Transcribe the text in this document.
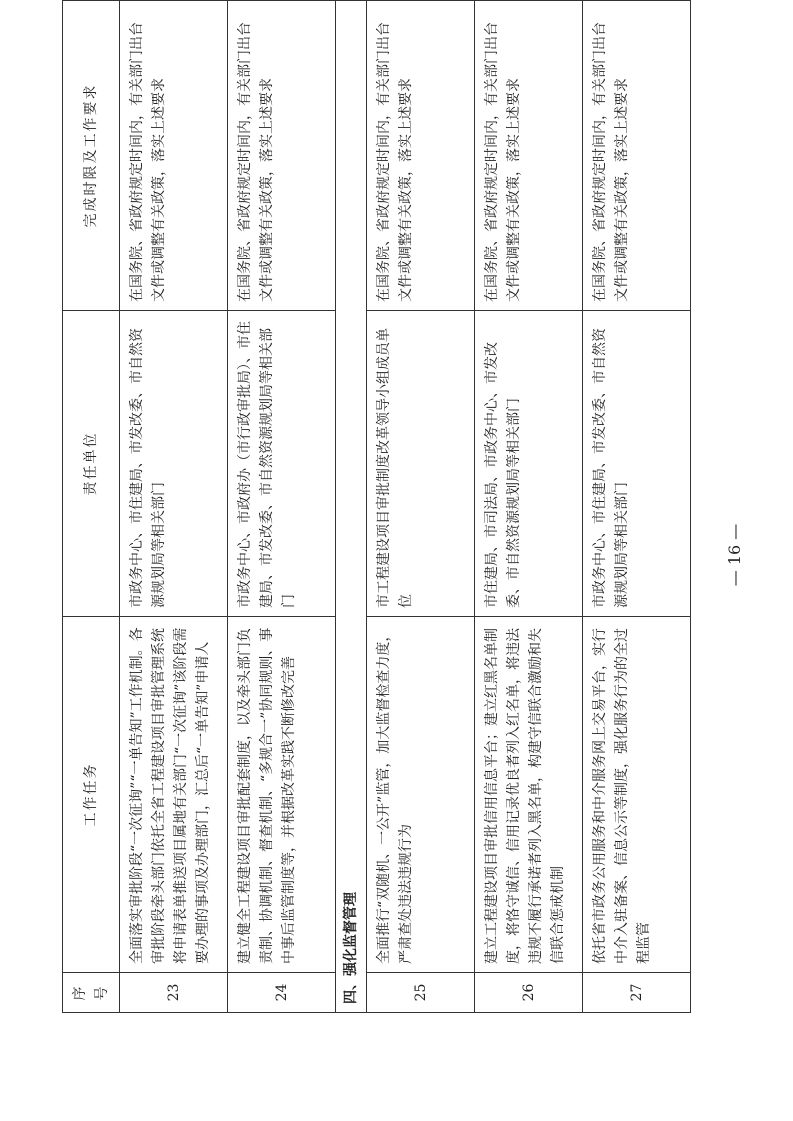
序号	工作任务	责任单位	完成时限及工作要求
23	全面落实审批阶段“一次征询”“一单告知”工作机制。各审批阶段牵头部门依托全省工程建设项目审批管理系统将申请表单推送项目属地有关部门“一次征询”该阶段需要办理的事项及办理部门，汇总后“一单告知”申请人	市政务中心、市住建局、市发改委、市自然资源规划局等相关部门	在国务院、省政府规定时间内，有关部门出台文件或调整有关政策，落实上述要求
24	建立健全工程建设项目审批配套制度，以及牵头部门负责制、协调机制、督查机制、“多规合一”协同规则、事中事后监管制度等，并根据改革实践不断修改完善	市政务中心、市政府办（市行政审批局）、市住建局、市发改委、市自然资源规划局等相关部门	在国务院、省政府规定时间内，有关部门出台文件或调整有关政策，落实上述要求
四、强化监督管理			
25	全面推行“双随机、一公开”监管，加大监督检查力度，严肃查处违法违规行为	市工程建设项目审批制度改革领导小组成员单位	在国务院、省政府规定时间内，有关部门出台文件或调整有关政策，落实上述要求
26	建立工程建设项目审批信用信息平台；建立红黑名单制度，将恪守诚信、信用记录优良者列入红名单，将违法违规不履行承诺者列入黑名单，构建守信联合激励和失信联合惩戒机制	市住建局、市司法局、市政务中心、市发改委、市自然资源规划局等相关部门	在国务院、省政府规定时间内，有关部门出台文件或调整有关政策，落实上述要求
27	依托省市政务公用服务和中介服务网上交易平台，实行中介入驻备案、信息公示等制度，强化服务行为的全过程监管	市政务中心、市住建局、市发改委、市自然资源规划局等相关部门	在国务院、省政府规定时间内，有关部门出台文件或调整有关政策，落实上述要求
— 16 —
